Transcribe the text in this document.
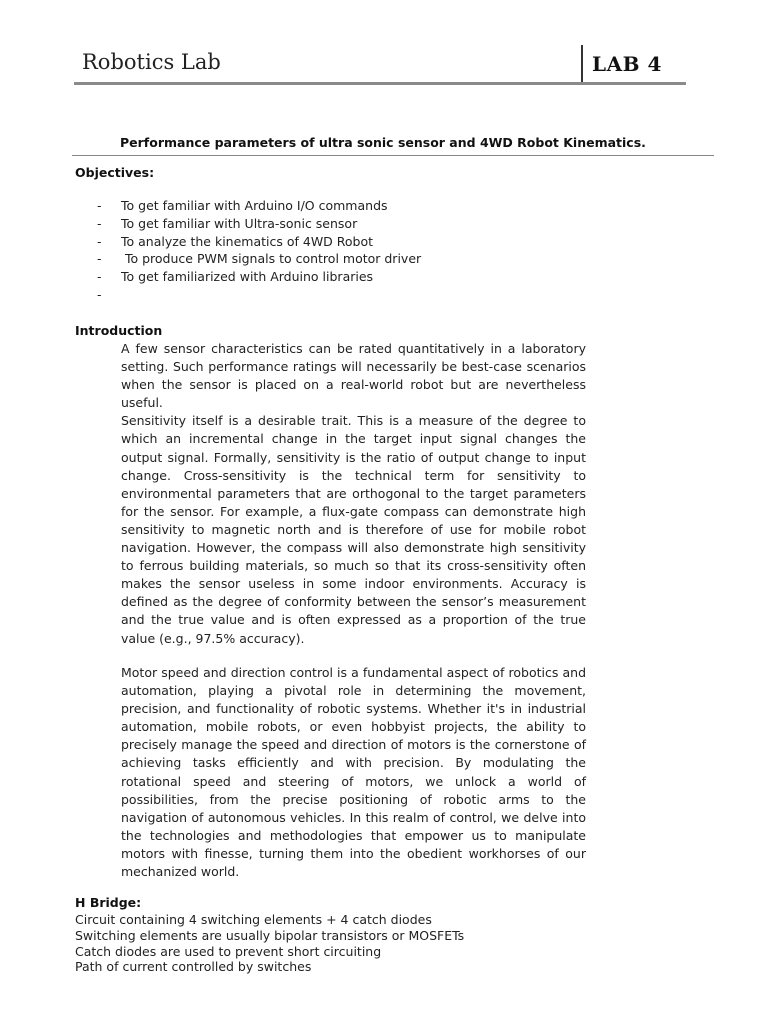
Robotics Lab	LAB 4
Performance parameters of ultra sonic sensor and 4WD Robot Kinematics.
Objectives:
- To get familiar with Arduino I/O commands
- To get familiar with Ultra-sonic sensor
- To analyze the kinematics of 4WD Robot
- To produce PWM signals to control motor driver
- To get familiarized with Arduino libraries
-
Introduction
A few sensor characteristics can be rated quantitatively in a laboratory setting. Such performance ratings will necessarily be best-case scenarios when the sensor is placed on a real-world robot but are nevertheless useful.
Sensitivity itself is a desirable trait. This is a measure of the degree to which an incremental change in the target input signal changes the output signal. Formally, sensitivity is the ratio of output change to input change. Cross-sensitivity is the technical term for sensitivity to environmental parameters that are orthogonal to the target parameters for the sensor. For example, a flux-gate compass can demonstrate high sensitivity to magnetic north and is therefore of use for mobile robot navigation. However, the compass will also demonstrate high sensitivity to ferrous building materials, so much so that its cross-sensitivity often makes the sensor useless in some indoor environments. Accuracy is defined as the degree of conformity between the sensor’s measurement and the true value and is often expressed as a proportion of the true value (e.g., 97.5% accuracy).
Motor speed and direction control is a fundamental aspect of robotics and automation, playing a pivotal role in determining the movement, precision, and functionality of robotic systems. Whether it's in industrial automation, mobile robots, or even hobbyist projects, the ability to precisely manage the speed and direction of motors is the cornerstone of achieving tasks efficiently and with precision. By modulating the rotational speed and steering of motors, we unlock a world of possibilities, from the precise positioning of robotic arms to the navigation of autonomous vehicles. In this realm of control, we delve into the technologies and methodologies that empower us to manipulate motors with finesse, turning them into the obedient workhorses of our mechanized world.
H Bridge:
Circuit containing 4 switching elements + 4 catch diodes
Switching elements are usually bipolar transistors or MOSFETs
Catch diodes are used to prevent short circuiting
Path of current controlled by switches
